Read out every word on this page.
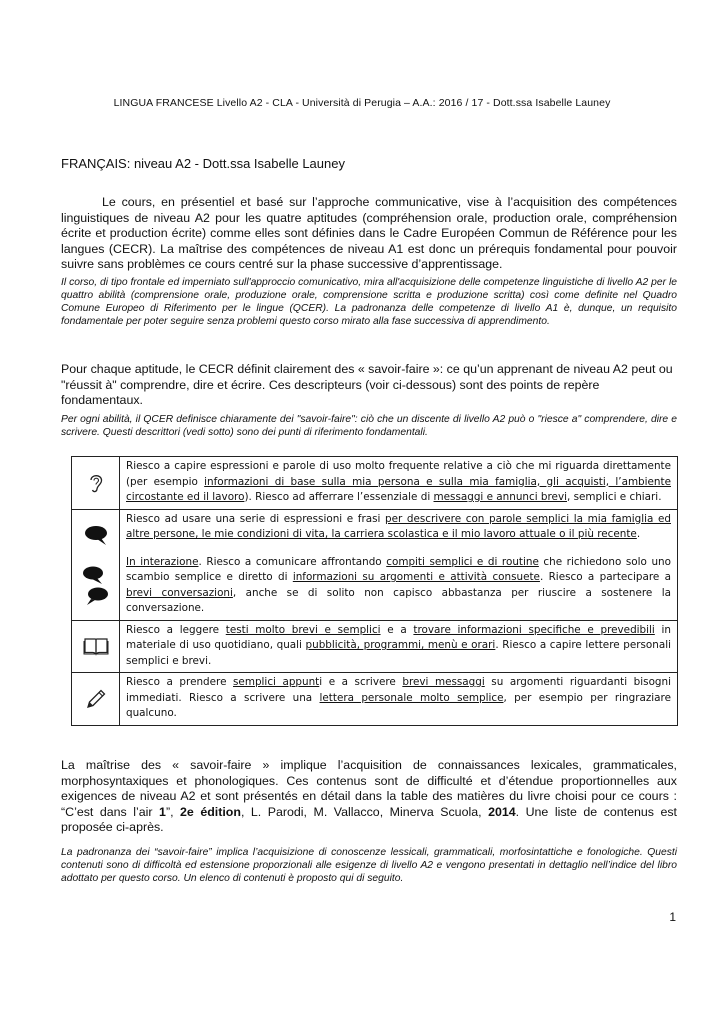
LINGUA FRANCESE Livello A2 - CLA - Università di Perugia – A.A.: 2016 / 17 - Dott.ssa Isabelle Launey
FRANÇAIS: niveau A2 - Dott.ssa Isabelle Launey
Le cours, en présentiel et basé sur l’approche communicative, vise à l’acquisition des compétences linguistiques de niveau A2 pour les quatre aptitudes (compréhension orale, production orale, compréhension écrite et production écrite) comme elles sont définies dans le Cadre Européen Commun de Référence pour les langues (CECR). La maîtrise des compétences de niveau A1 est donc un prérequis fondamental pour pouvoir suivre sans problèmes ce cours centré sur la phase successive d’apprentissage.
Il corso, di tipo frontale ed imperniato sull'approccio comunicativo, mira all'acquisizione delle competenze linguistiche di livello A2 per le quattro abilità (comprensione orale, produzione orale, comprensione scritta e produzione scritta) così come definite nel Quadro Comune Europeo di Riferimento per le lingue (QCER). La padronanza delle competenze di livello A1 è, dunque, un requisito fondamentale per poter seguire senza problemi questo corso mirato alla fase successiva di apprendimento.
Pour chaque aptitude, le CECR définit clairement des « savoir-faire »: ce qu’un apprenant de niveau A2 peut ou "réussit à" comprendre, dire et écrire. Ces descripteurs (voir ci-dessous) sont des points de repère fondamentaux.
Per ogni abilità, il QCER definisce chiaramente dei "savoir-faire": ciò che un discente di livello A2 può o "riesce a" comprendere, dire e scrivere. Questi descrittori (vedi sotto) sono dei punti di riferimento fondamentali.
	Riesco a capire espressioni e parole di uso molto frequente relative a ciò che mi riguarda direttamente (per esempio informazioni di base sulla mia persona e sulla mia famiglia, gli acquisti, l’ambiente circostante ed il lavoro). Riesco ad afferrare l’essenziale di messaggi e annunci brevi, semplici e chiari.

	Riesco ad usare una serie di espressioni e frasi per descrivere con parole semplici la mia famiglia ed altre persone, le mie condizioni di vita, la carriera scolastica e il mio lavoro attuale o il più recente.
In interazione. Riesco a comunicare affrontando compiti semplici e di routine che richiedono solo uno scambio semplice e diretto di informazioni su argomenti e attività consuete. Riesco a partecipare a brevi conversazioni, anche se di solito non capisco abbastanza per riuscire a sostenere la conversazione.

	Riesco a leggere testi molto brevi e semplici e a trovare informazioni specifiche e prevedibili in materiale di uso quotidiano, quali pubblicità, programmi, menù e orari. Riesco a capire lettere personali semplici e brevi.

	Riesco a prendere semplici appunti e a scrivere brevi messaggi su argomenti riguardanti bisogni immediati. Riesco a scrivere una lettera personale molto semplice, per esempio per ringraziare qualcuno.
La maîtrise des « savoir-faire » implique l’acquisition de connaissances lexicales, grammaticales, morphosyntaxiques et phonologiques. Ces contenus sont de difficulté et d’étendue proportionnelles aux exigences de niveau A2 et sont présentés en détail dans la table des matières du livre choisi pour ce cours : “C’est dans l’air 1”, 2e édition, L. Parodi, M. Vallacco, Minerva Scuola, 2014. Une liste de contenus est proposée ci-après.
La padronanza dei “savoir-faire” implica l’acquisizione di conoscenze lessicali, grammaticali, morfosintattiche e fonologiche. Questi contenuti sono di difficoltà ed estensione proporzionali alle esigenze di livello A2 e vengono presentati in dettaglio nell’indice del libro adottato per questo corso. Un elenco di contenuti è proposto qui di seguito.
1
